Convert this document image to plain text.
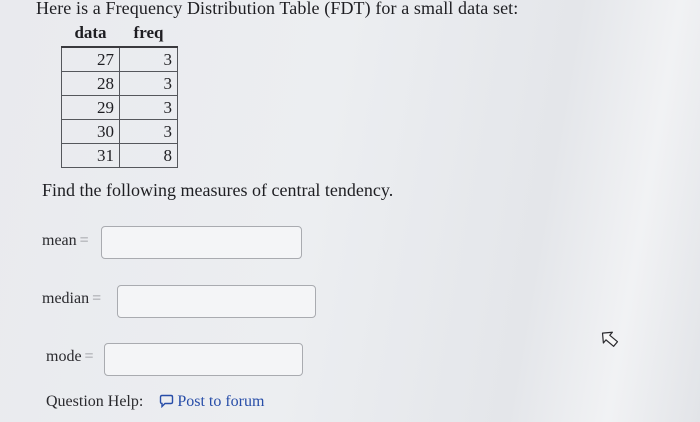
Here is a Frequency Distribution Table (FDT) for a small data set:
data	freq
27	3
28	3
29	3
30	3
31	8
Find the following measures of central tendency.
mean =
median =
mode =
Question Help: Post to forum
